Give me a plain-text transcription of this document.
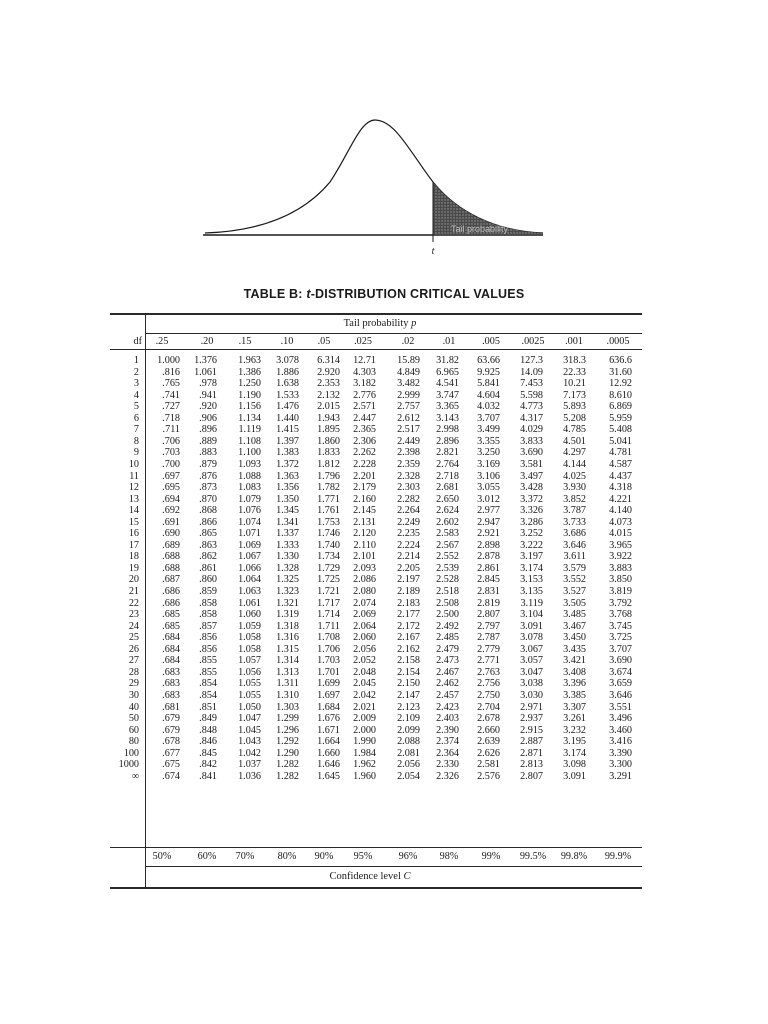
Tail probability
t
TABLE B: t-DISTRIBUTION CRITICAL VALUES
Tail probability p
df	.25	.20	.15	.10	.05	.025	.02	.01	.005	.0025	.001	.0005
1	1.000	1.376	1.963	3.078	6.314	12.71	15.89	31.82	63.66	127.3	318.3	636.6
2	.816	1.061	1.386	1.886	2.920	4.303	4.849	6.965	9.925	14.09	22.33	31.60
3	.765	.978	1.250	1.638	2.353	3.182	3.482	4.541	5.841	7.453	10.21	12.92
4	.741	.941	1.190	1.533	2.132	2.776	2.999	3.747	4.604	5.598	7.173	8.610
5	.727	.920	1.156	1.476	2.015	2.571	2.757	3.365	4.032	4.773	5.893	6.869
6	.718	.906	1.134	1.440	1.943	2.447	2.612	3.143	3.707	4.317	5.208	5.959
7	.711	.896	1.119	1.415	1.895	2.365	2.517	2.998	3.499	4.029	4.785	5.408
8	.706	.889	1.108	1.397	1.860	2.306	2.449	2.896	3.355	3.833	4.501	5.041
9	.703	.883	1.100	1.383	1.833	2.262	2.398	2.821	3.250	3.690	4.297	4.781
10	.700	.879	1.093	1.372	1.812	2.228	2.359	2.764	3.169	3.581	4.144	4.587
11	.697	.876	1.088	1.363	1.796	2.201	2.328	2.718	3.106	3.497	4.025	4.437
12	.695	.873	1.083	1.356	1.782	2.179	2.303	2.681	3.055	3.428	3.930	4.318
13	.694	.870	1.079	1.350	1.771	2.160	2.282	2.650	3.012	3.372	3.852	4.221
14	.692	.868	1.076	1.345	1.761	2.145	2.264	2.624	2.977	3.326	3.787	4.140
15	.691	.866	1.074	1.341	1.753	2.131	2.249	2.602	2.947	3.286	3.733	4.073
16	.690	.865	1.071	1.337	1.746	2.120	2.235	2.583	2.921	3.252	3.686	4.015
17	.689	.863	1.069	1.333	1.740	2.110	2.224	2.567	2.898	3.222	3.646	3.965
18	.688	.862	1.067	1.330	1.734	2.101	2.214	2.552	2.878	3.197	3.611	3.922
19	.688	.861	1.066	1.328	1.729	2.093	2.205	2.539	2.861	3.174	3.579	3.883
20	.687	.860	1.064	1.325	1.725	2.086	2.197	2.528	2.845	3.153	3.552	3.850
21	.686	.859	1.063	1.323	1.721	2.080	2.189	2.518	2.831	3.135	3.527	3.819
22	.686	.858	1.061	1.321	1.717	2.074	2.183	2.508	2.819	3.119	3.505	3.792
23	.685	.858	1.060	1.319	1.714	2.069	2.177	2.500	2.807	3.104	3.485	3.768
24	.685	.857	1.059	1.318	1.711	2.064	2.172	2.492	2.797	3.091	3.467	3.745
25	.684	.856	1.058	1.316	1.708	2.060	2.167	2.485	2.787	3.078	3.450	3.725
26	.684	.856	1.058	1.315	1.706	2.056	2.162	2.479	2.779	3.067	3.435	3.707
27	.684	.855	1.057	1.314	1.703	2.052	2.158	2.473	2.771	3.057	3.421	3.690
28	.683	.855	1.056	1.313	1.701	2.048	2.154	2.467	2.763	3.047	3.408	3.674
29	.683	.854	1.055	1.311	1.699	2.045	2.150	2.462	2.756	3.038	3.396	3.659
30	.683	.854	1.055	1.310	1.697	2.042	2.147	2.457	2.750	3.030	3.385	3.646
40	.681	.851	1.050	1.303	1.684	2.021	2.123	2.423	2.704	2.971	3.307	3.551
50	.679	.849	1.047	1.299	1.676	2.009	2.109	2.403	2.678	2.937	3.261	3.496
60	.679	.848	1.045	1.296	1.671	2.000	2.099	2.390	2.660	2.915	3.232	3.460
80	.678	.846	1.043	1.292	1.664	1.990	2.088	2.374	2.639	2.887	3.195	3.416
100	.677	.845	1.042	1.290	1.660	1.984	2.081	2.364	2.626	2.871	3.174	3.390
1000	.675	.842	1.037	1.282	1.646	1.962	2.056	2.330	2.581	2.813	3.098	3.300
∞	.674	.841	1.036	1.282	1.645	1.960	2.054	2.326	2.576	2.807	3.091	3.291
50%	60%	70%	80%	90%	95%	96%	98%	99%	99.5%	99.8%	99.9%
Confidence level C
